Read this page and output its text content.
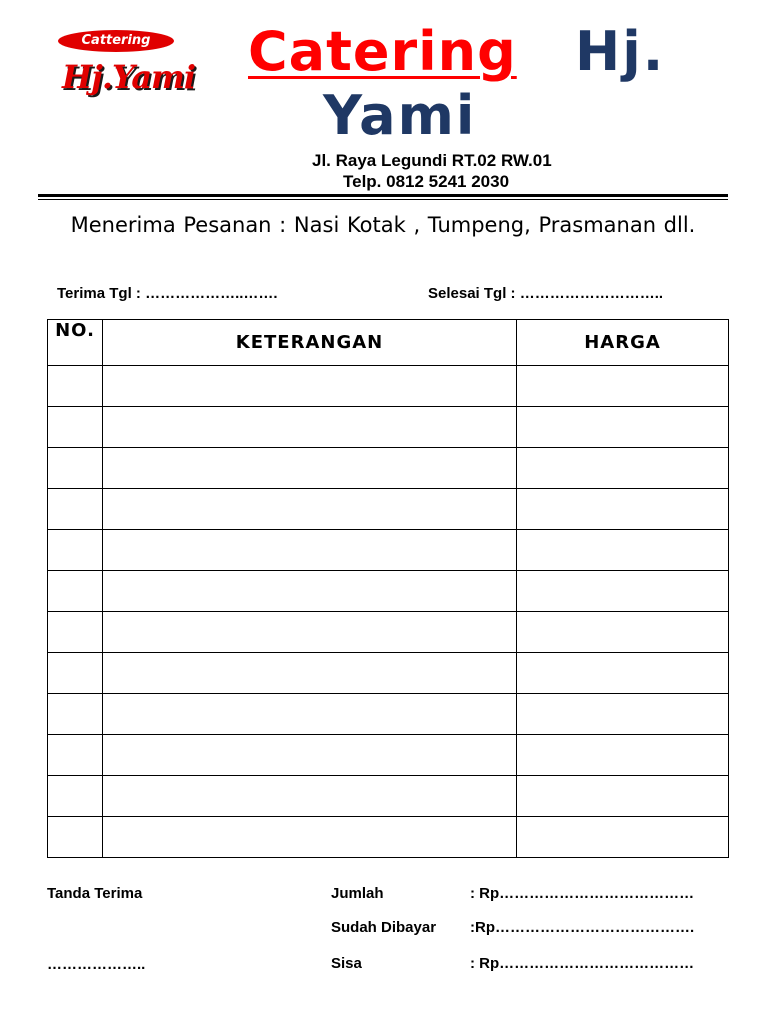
Cattering
Hj.Yami Catering Hj.
Yami
Jl. Raya Legundi RT.02 RW.01
Telp. 0812 5241 2030
Menerima Pesanan : Nasi Kotak , Tumpeng, Prasmanan dll.
Terima Tgl : ………………..…….	Selesai Tgl : ………………………..
NO.	KETERANGAN	HARGA

Tanda Terima
………………..
Jumlah	: Rp…………………………………
Sudah Dibayar :Rp………………………………….
Sisa	: Rp…………………………………
